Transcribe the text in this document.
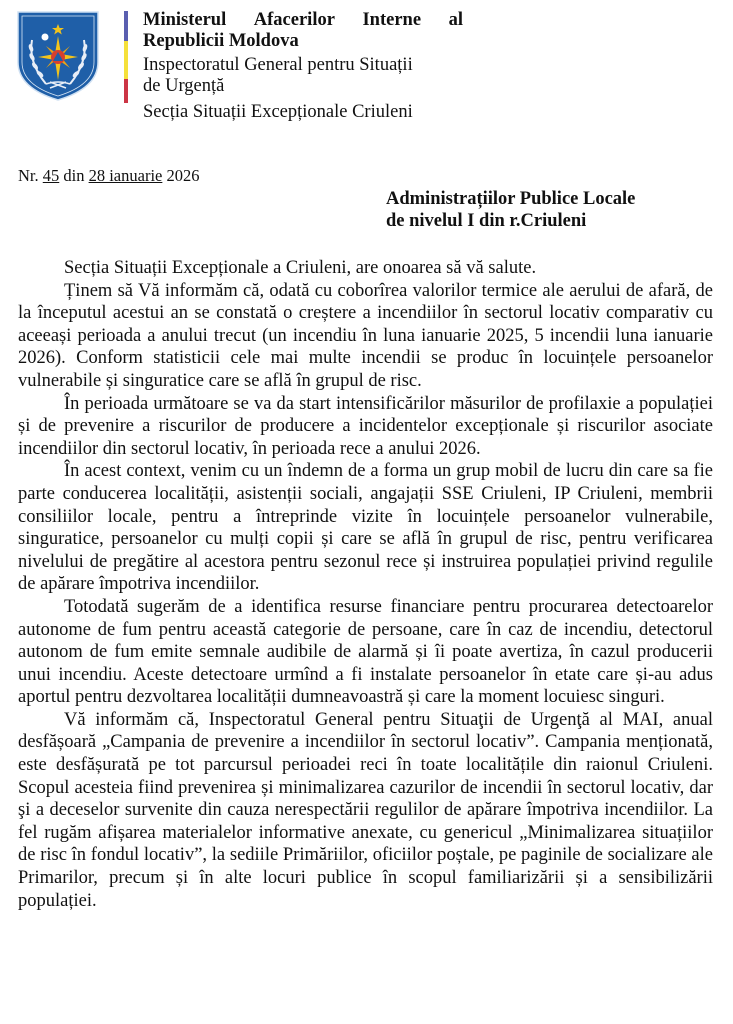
Ministerul Afacerilor Interne al
Republicii Moldova
Inspectoratul General pentru Situații
de Urgență
Secția Situații Excepționale Criuleni
Nr. 45 din 28 ianuarie 2026
Administrațiilor Publice Locale
de nivelul I din r.Criuleni

Secția Situații Excepționale a Criuleni, are onoarea să vă salute.

Ținem să Vă informăm că, odată cu coborîrea valorilor termice ale aerului de afară, de la începutul acestui an se constată o creștere a incendiilor în sectorul locativ comparativ cu aceeași perioada a anului trecut (un incendiu în luna ianuarie 2025, 5 incendii luna ianuarie 2026). Conform statisticii cele mai multe incendii se produc în locuințele persoanelor vulnerabile și singuratice care se află în grupul de risc.

În perioada următoare se va da start intensificărilor măsurilor de profilaxie a populației și de prevenire a riscurilor de producere a incidentelor excepționale și riscurilor asociate incendiilor din sectorul locativ, în perioada rece a anului 2026.

În acest context, venim cu un îndemn de a forma un grup mobil de lucru din care sa fie parte conducerea localității, asistenții sociali, angajații SSE Criuleni, IP Criuleni, membrii consiliilor locale, pentru a întreprinde vizite în locuințele persoanelor vulnerabile, singuratice, persoanelor cu mulți copii și care se află în grupul de risc, pentru verificarea nivelului de pregătire al acestora pentru sezonul rece și instruirea populației privind regulile de apărare împotriva incendiilor.

Totodată sugerăm de a identifica resurse financiare pentru procurarea detectoarelor autonome de fum pentru această categorie de persoane, care în caz de incendiu, detectorul autonom de fum emite semnale audibile de alarmă și îi poate avertiza, în cazul producerii unui incendiu. Aceste detectoare urmînd a fi instalate persoanelor în etate care și-au adus aportul pentru dezvoltarea localității dumneavoastră și care la moment locuiesc singuri.

Vă informăm că, Inspectoratul General pentru Situaţii de Urgenţă al MAI, anual desfășoară „Campania de prevenire a incendiilor în sectorul locativ”. Campania menționată, este desfășurată pe tot parcursul perioadei reci în toate localitățile din raionul Criuleni. Scopul acesteia fiind prevenirea și minimalizarea cazurilor de incendii în sectorul locativ, dar şi a deceselor survenite din cauza nerespectării regulilor de apărare împotriva incendiilor. La fel rugăm afișarea materialelor informative anexate, cu genericul „Minimalizarea situațiilor de risc în fondul locativ”, la sediile Primăriilor, oficiilor poștale, pe paginile de socializare ale Primarilor, precum și în alte locuri publice în scopul familiarizării și a sensibilizării populației.
